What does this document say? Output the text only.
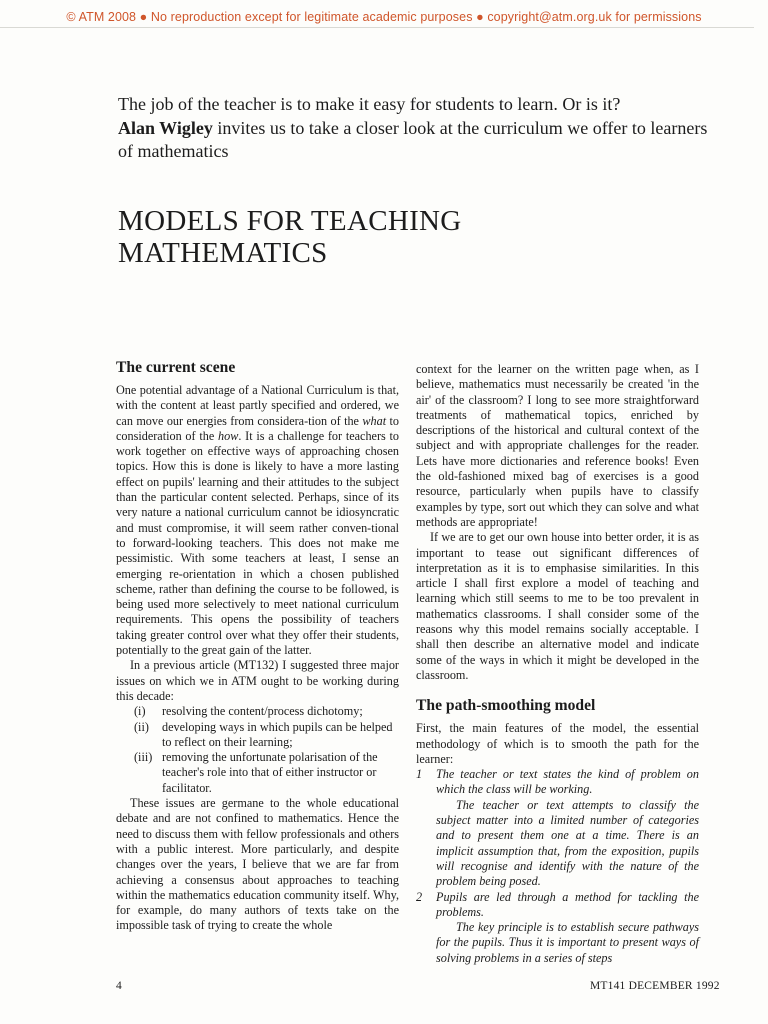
© ATM 2008 ● No reproduction except for legitimate academic purposes ● copyright@atm.org.uk for permissions
The job of the teacher is to make it easy for students to learn. Or is it?
Alan Wigley invites us to take a closer look at the curriculum we offer to learners of mathematics
MODELS FOR TEACHING MATHEMATICS
The current scene

One potential advantage of a National Curriculum is that, with the content at least partly specified and ordered, we can move our energies from considera-tion of the what to consideration of the how. It is a challenge for teachers to work together on effective ways of approaching chosen topics. How this is done is likely to have a more lasting effect on pupils' learning and their attitudes to the subject than the particular content selected. Perhaps, since of its very nature a national curriculum cannot be idiosyncratic and must compromise, it will seem rather conven-tional to forward-looking teachers. This does not make me pessimistic. With some teachers at least, I sense an emerging re-orientation in which a chosen published scheme, rather than defining the course to be followed, is being used more selectively to meet national curriculum requirements. This opens the possibility of teachers taking greater control over what they offer their students, potentially to the great gain of the latter.

In a previous article (MT132) I suggested three major issues on which we in ATM ought to be working during this decade:

(i)	resolving the content/process dichotomy;
(ii)	developing ways in which pupils can be helped to reflect on their learning;
(iii) removing the unfortunate polarisation of the teacher's role into that of either instructor or facilitator.

These issues are germane to the whole educational debate and are not confined to mathematics. Hence the need to discuss them with fellow professionals and others with a public interest. More particularly, and despite changes over the years, I believe that we are far from achieving a consensus about approaches to teaching within the mathematics education community itself. Why, for example, do many authors of texts take on the impossible task of trying to create the whole

context for the learner on the written page when, as I believe, mathematics must necessarily be created 'in the air' of the classroom? I long to see more straightforward treatments of mathematical topics, enriched by descriptions of the historical and cultural context of the subject and with appropriate challenges for the reader. Lets have more dictionaries and reference books! Even the old-fashioned mixed bag of exercises is a good resource, particularly when pupils have to classify examples by type, sort out which they can solve and what methods are appropriate!

If we are to get our own house into better order, it is as important to tease out significant differences of interpretation as it is to emphasise similarities. In this article I shall first explore a model of teaching and learning which still seems to me to be too prevalent in mathematics classrooms. I shall consider some of the reasons why this model remains socially acceptable. I shall then describe an alternative model and indicate some of the ways in which it might be developed in the classroom.

The path-smoothing model

First, the main features of the model, the essential methodology of which is to smooth the path for the learner:

1	The teacher or text states the kind of problem on which the class will be working.

The teacher or text attempts to classify the subject matter into a limited number of categories and to present them one at a time. There is an implicit assumption that, from the exposition, pupils will recognise and identify with the nature of the problem being posed.

2	Pupils are led through a method for tackling the problems.

The key principle is to establish secure pathways for the pupils. Thus it is important to present ways of solving problems in a series of steps

4	MT141 DECEMBER 1992
